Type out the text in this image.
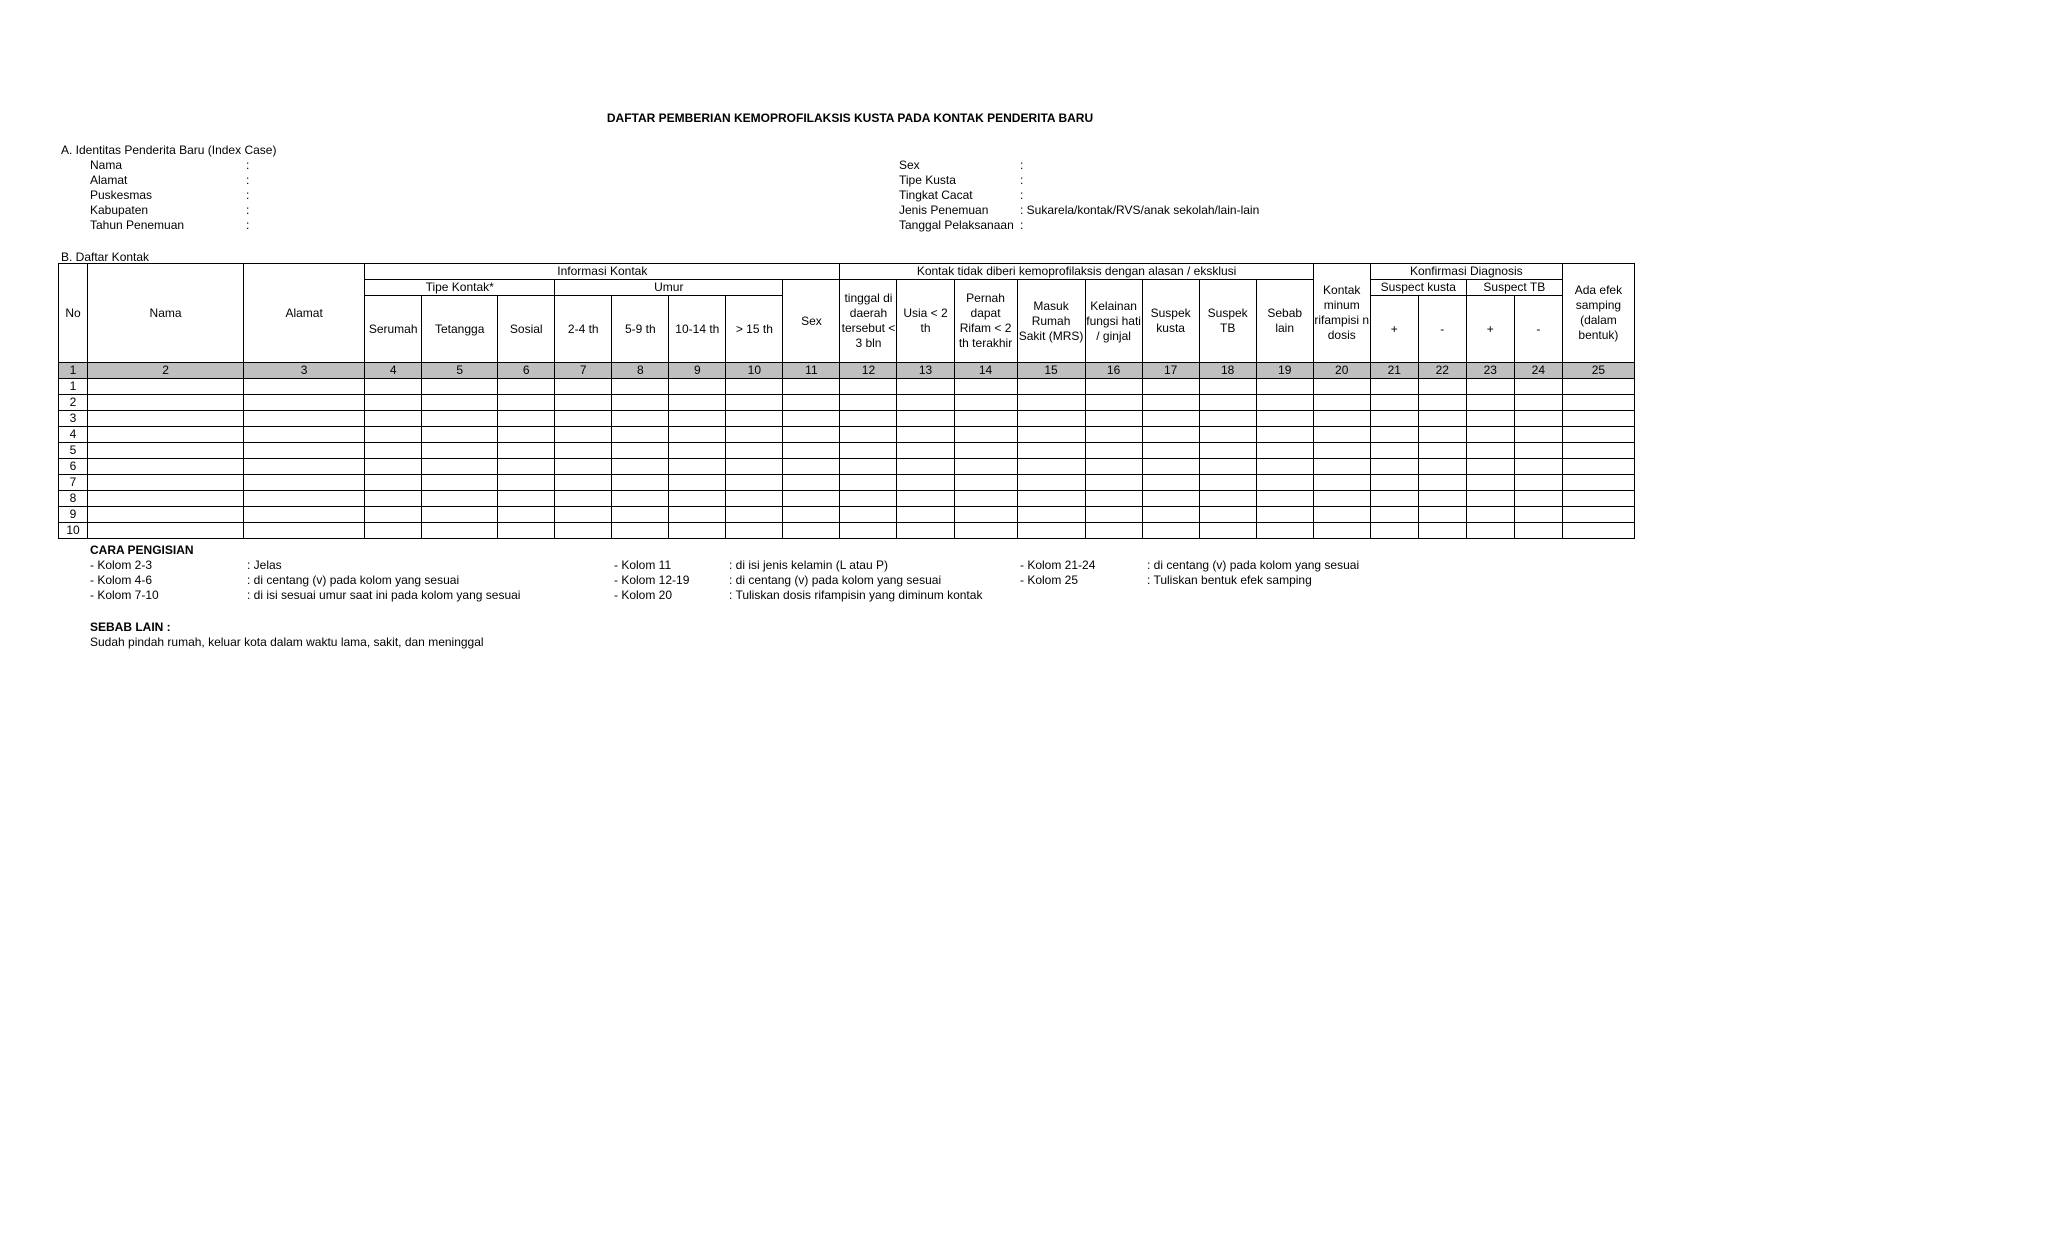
DAFTAR PEMBERIAN KEMOPROFILAKSIS KUSTA PADA KONTAK PENDERITA BARU
A. Identitas Penderita Baru (Index Case)
Nama	:
Alamat	:
Puskesmas	:
Kabupaten	:
Tahun Penemuan	:
Sex	:
Tipe Kusta	:
Tingkat Cacat	:
Jenis Penemuan	: Sukarela/kontak/RVS/anak sekolah/lain-lain
Tanggal Pelaksanaan :
B. Daftar Kontak
No	Nama	Alamat	Informasi Kontak								Kontak tidak diberi kemoprofilaksis dengan alasan / eksklusi								Kontak minum rifampisi n dosis	Konfirmasi Diagnosis				Ada efek samping (dalam bentuk)
			Tipe Kontak*			Umur				Sex	tinggal di daerah tersebut < 3 bln	Usia < 2 th	Pernah dapat Rifam < 2 th terakhir	Masuk Rumah Sakit (MRS)	Kelainan fungsi hati / ginjal	Suspek kusta	Suspek TB	Sebab lain		Suspect kusta		Suspect TB		
			Serumah	Tetangga	Sosial	2-4 th	5-9 th	10-14 th	> 15 th											+	-	+	-	
1	2	3	4	5	6	7	8	9	10	11	12	13	14	15	16	17	18	19	20	21	22	23	24	25
1																								
2																								
3																								
4																								
5																								
6																								
7																								
8																								
9																								
10																								
CARA PENGISIAN
- Kolom 2-3	: Jelas
- Kolom 4-6	: di centang (v) pada kolom yang sesuai
- Kolom 7-10	: di isi sesuai umur saat ini pada kolom yang sesuai
- Kolom 11	: di isi jenis kelamin (L atau P)
- Kolom 12-19	: di centang (v) pada kolom yang sesuai
- Kolom 20	: Tuliskan dosis rifampisin yang diminum kontak
- Kolom 21-24	: di centang (v) pada kolom yang sesuai
- Kolom 25	: Tuliskan bentuk efek samping
SEBAB LAIN :
Sudah pindah rumah, keluar kota dalam waktu lama, sakit, dan meninggal
